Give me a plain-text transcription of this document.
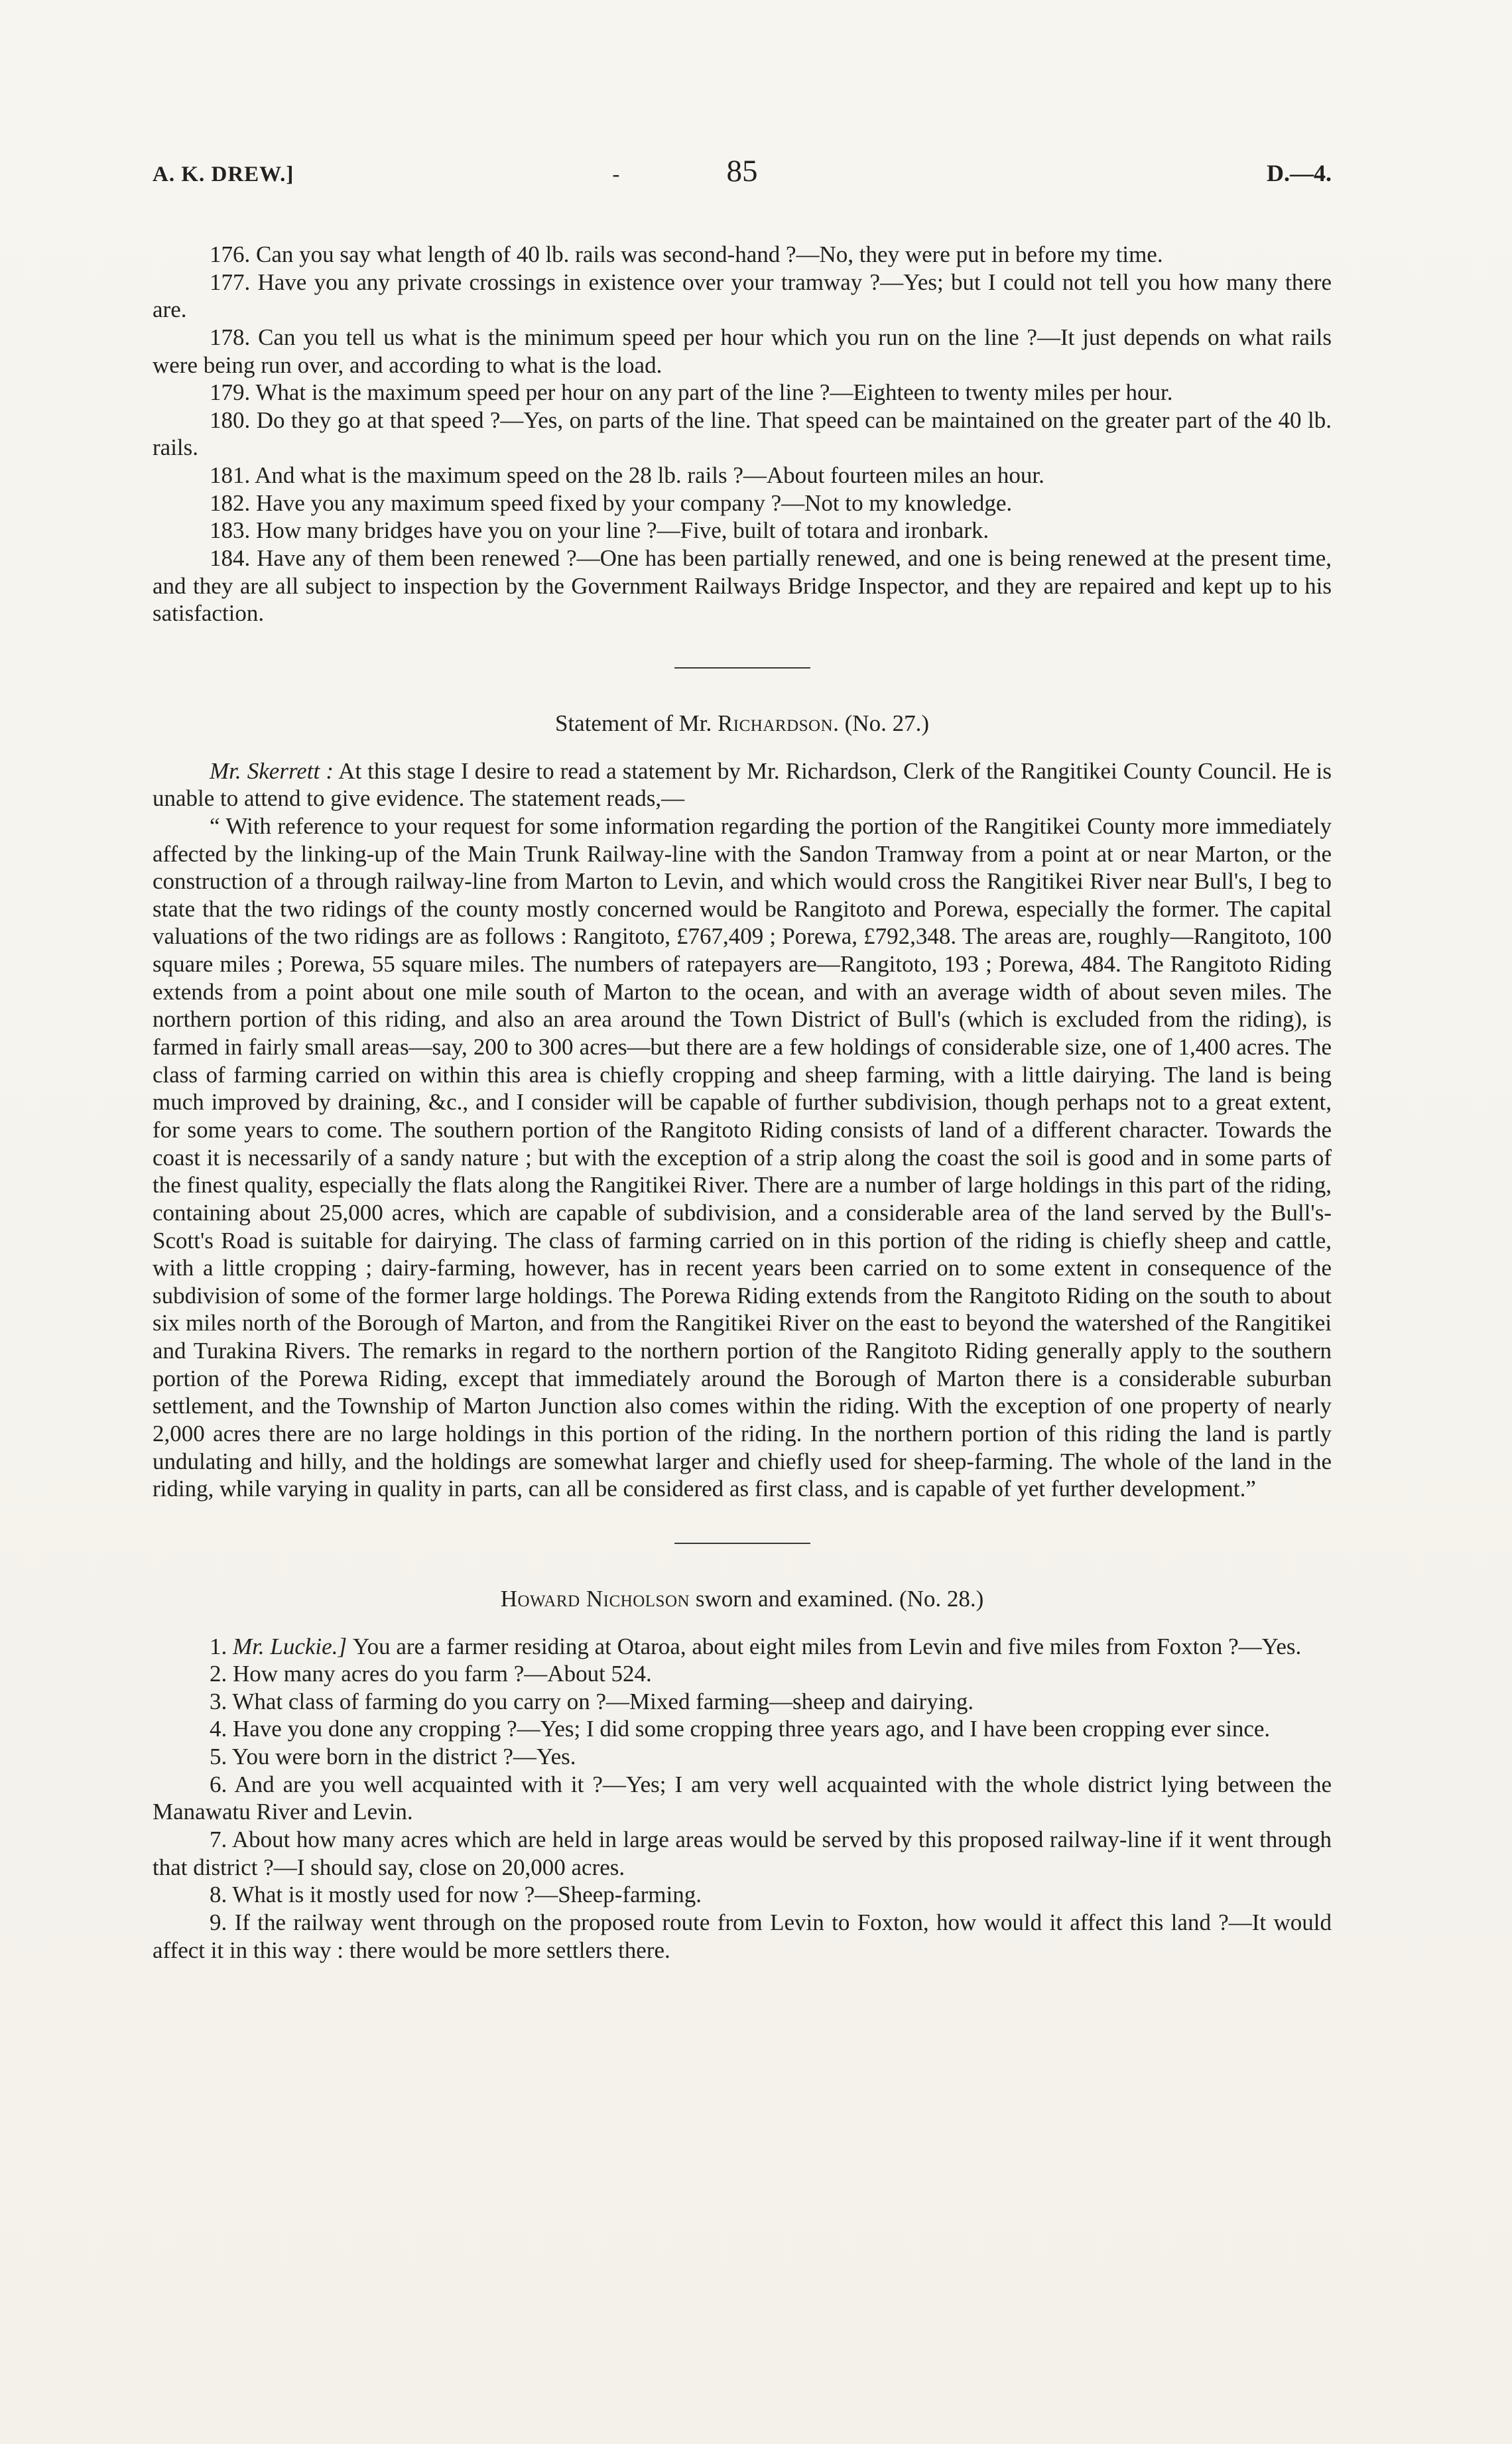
A. K. DREW.]	-	85	D.—4.

176. Can you say what length of 40 lb. rails was second-hand ?—No, they were put in before my time.

177. Have you any private crossings in existence over your tramway ?—Yes; but I could not tell you how many there are.

178. Can you tell us what is the minimum speed per hour which you run on the line ?—It just depends on what rails were being run over, and according to what is the load.

179. What is the maximum speed per hour on any part of the line ?—Eighteen to twenty miles per hour.

180. Do they go at that speed ?—Yes, on parts of the line. That speed can be maintained on the greater part of the 40 lb. rails.

181. And what is the maximum speed on the 28 lb. rails ?—About fourteen miles an hour.

182. Have you any maximum speed fixed by your company ?—Not to my knowledge.

183. How many bridges have you on your line ?—Five, built of totara and ironbark.

184. Have any of them been renewed ?—One has been partially renewed, and one is being renewed at the present time, and they are all subject to inspection by the Government Railways Bridge Inspector, and they are repaired and kept up to his satisfaction.

Statement of Mr. Richardson. (No. 27.)

Mr. Skerrett : At this stage I desire to read a statement by Mr. Richardson, Clerk of the Rangitikei County Council. He is unable to attend to give evidence. The statement reads,—

“ With reference to your request for some information regarding the portion of the Rangitikei County more immediately affected by the linking-up of the Main Trunk Railway-line with the Sandon Tramway from a point at or near Marton, or the construction of a through railway-line from Marton to Levin, and which would cross the Rangitikei River near Bull's, I beg to state that the two ridings of the county mostly concerned would be Rangitoto and Porewa, especially the former. The capital valuations of the two ridings are as follows : Rangitoto, £767,409 ; Porewa, £792,348. The areas are, roughly—Rangitoto, 100 square miles ; Porewa, 55 square miles. The numbers of ratepayers are—Rangitoto, 193 ; Porewa, 484. The Rangitoto Riding extends from a point about one mile south of Marton to the ocean, and with an average width of about seven miles. The northern portion of this riding, and also an area around the Town District of Bull's (which is excluded from the riding), is farmed in fairly small areas—say, 200 to 300 acres—but there are a few holdings of considerable size, one of 1,400 acres. The class of farming carried on within this area is chiefly cropping and sheep farming, with a little dairying. The land is being much improved by draining, &c., and I consider will be capable of further subdivision, though perhaps not to a great extent, for some years to come. The southern portion of the Rangitoto Riding consists of land of a different character. Towards the coast it is necessarily of a sandy nature ; but with the exception of a strip along the coast the soil is good and in some parts of the finest quality, especially the flats along the Rangitikei River. There are a number of large holdings in this part of the riding, containing about 25,000 acres, which are capable of subdivision, and a considerable area of the land served by the Bull's-Scott's Road is suitable for dairying. The class of farming carried on in this portion of the riding is chiefly sheep and cattle, with a little cropping ; dairy-farming, however, has in recent years been carried on to some extent in consequence of the subdivision of some of the former large holdings. The Porewa Riding extends from the Rangitoto Riding on the south to about six miles north of the Borough of Marton, and from the Rangitikei River on the east to beyond the watershed of the Rangitikei and Turakina Rivers. The remarks in regard to the northern portion of the Rangitoto Riding generally apply to the southern portion of the Porewa Riding, except that immediately around the Borough of Marton there is a considerable suburban settlement, and the Township of Marton Junction also comes within the riding. With the exception of one property of nearly 2,000 acres there are no large holdings in this portion of the riding. In the northern portion of this riding the land is partly undulating and hilly, and the holdings are somewhat larger and chiefly used for sheep-farming. The whole of the land in the riding, while varying in quality in parts, can all be considered as first class, and is capable of yet further development.”

Howard Nicholson sworn and examined. (No. 28.)

1. Mr. Luckie.] You are a farmer residing at Otaroa, about eight miles from Levin and five miles from Foxton ?—Yes.

2. How many acres do you farm ?—About 524.

3. What class of farming do you carry on ?—Mixed farming—sheep and dairying.

4. Have you done any cropping ?—Yes; I did some cropping three years ago, and I have been cropping ever since.

5. You were born in the district ?—Yes.

6. And are you well acquainted with it ?—Yes; I am very well acquainted with the whole district lying between the Manawatu River and Levin.

7. About how many acres which are held in large areas would be served by this proposed railway-line if it went through that district ?—I should say, close on 20,000 acres.

8. What is it mostly used for now ?—Sheep-farming.

9. If the railway went through on the proposed route from Levin to Foxton, how would it affect this land ?—It would affect it in this way : there would be more settlers there.
